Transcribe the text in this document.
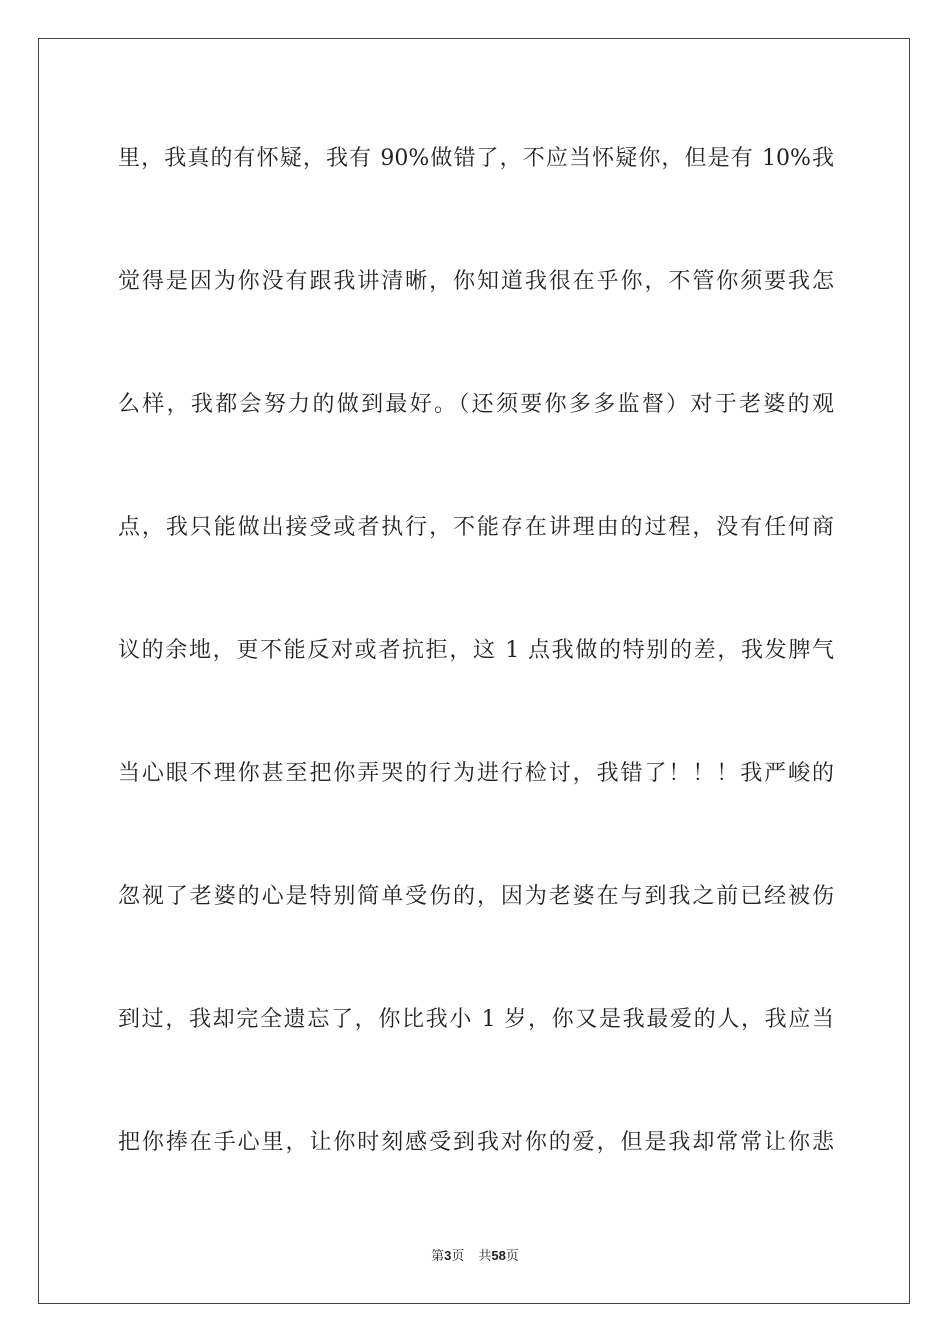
里，我真的有怀疑，我有 90%做错了，不应当怀疑你，但是有 10%我
觉得是因为你没有跟我讲清晰，你知道我很在乎你，不管你须要我怎
么样，我都会努力的做到最好。（还须要你多多监督）对于老婆的观
点，我只能做出接受或者执行，不能存在讲理由的过程，没有任何商
议的余地，更不能反对或者抗拒，这 1 点我做的特别的差，我发脾气
当心眼不理你甚至把你弄哭的行为进行检讨，我错了！！！我严峻的
忽视了老婆的心是特别简单受伤的，因为老婆在与到我之前已经被伤
到过，我却完全遗忘了，你比我小 1 岁，你又是我最爱的人，我应当
把你捧在手心里，让你时刻感受到我对你的爱，但是我却常常让你悲
第3页 共58页
